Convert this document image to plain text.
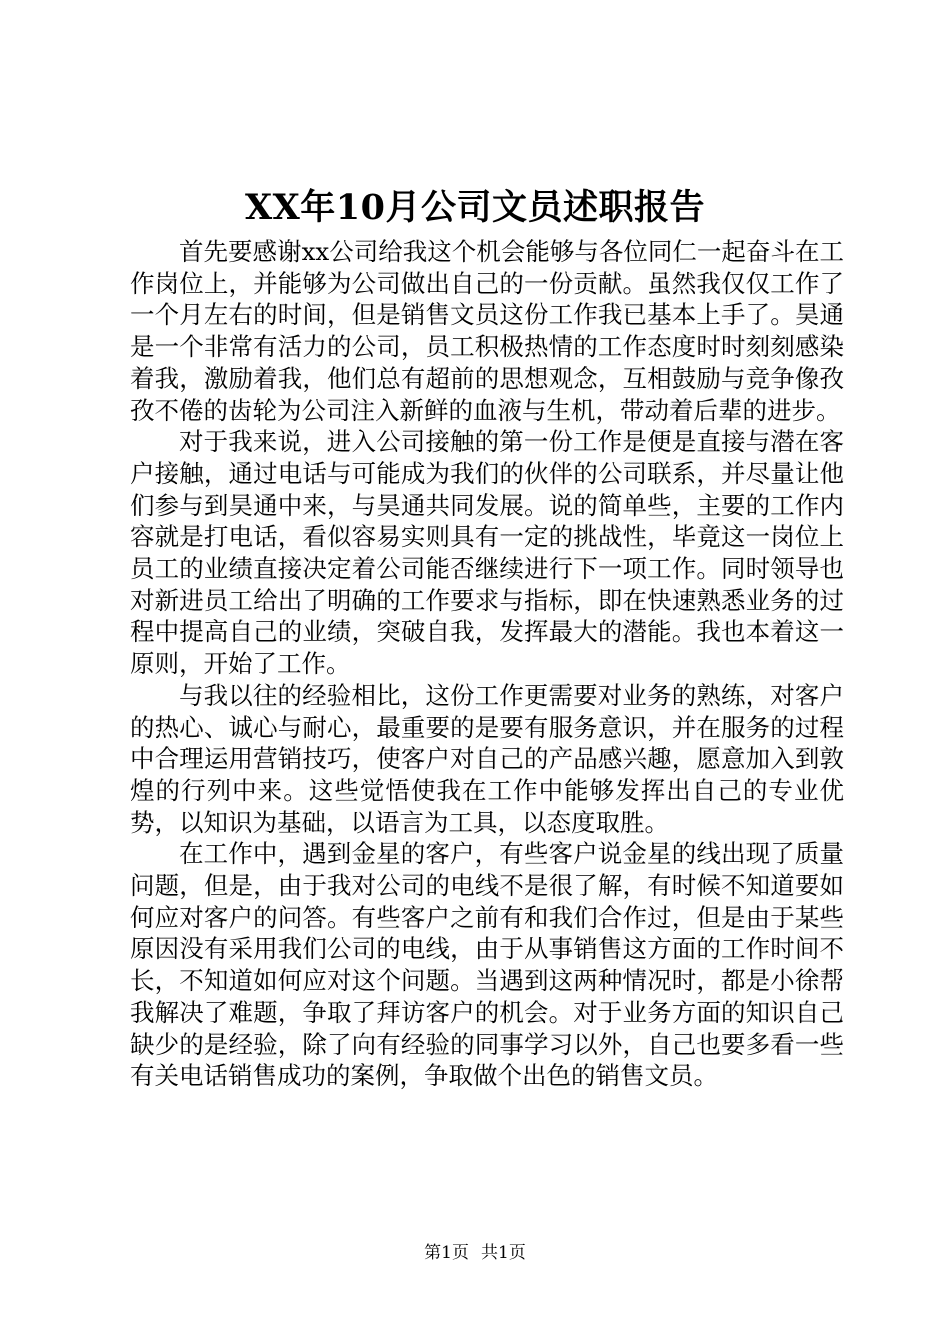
XX年10月公司文员述职报告

首先要感谢xx公司给我这个机会能够与各位同仁一起奋斗在工作岗位上，并能够为公司做出自己的一份贡献。虽然我仅仅工作了一个月左右的时间，但是销售文员这份工作我已基本上手了。昊通是一个非常有活力的公司，员工积极热情的工作态度时时刻刻感染着我，激励着我，他们总有超前的思想观念，互相鼓励与竞争像孜孜不倦的齿轮为公司注入新鲜的血液与生机，带动着后辈的进步。

对于我来说，进入公司接触的第一份工作是便是直接与潜在客户接触，通过电话与可能成为我们的伙伴的公司联系，并尽量让他们参与到昊通中来，与昊通共同发展。说的简单些，主要的工作内容就是打电话，看似容易实则具有一定的挑战性，毕竟这一岗位上员工的业绩直接决定着公司能否继续进行下一项工作。同时领导也对新进员工给出了明确的工作要求与指标，即在快速熟悉业务的过程中提高自己的业绩，突破自我，发挥最大的潜能。我也本着这一原则，开始了工作。

与我以往的经验相比，这份工作更需要对业务的熟练，对客户的热心、诚心与耐心，最重要的是要有服务意识，并在服务的过程中合理运用营销技巧，使客户对自己的产品感兴趣，愿意加入到敦煌的行列中来。这些觉悟使我在工作中能够发挥出自己的专业优势，以知识为基础，以语言为工具，以态度取胜。

在工作中，遇到金星的客户，有些客户说金星的线出现了质量问题，但是，由于我对公司的电线不是很了解，有时候不知道要如何应对客户的问答。有些客户之前有和我们合作过，但是由于某些原因没有采用我们公司的电线，由于从事销售这方面的工作时间不长，不知道如何应对这个问题。当遇到这两种情况时，都是小徐帮我解决了难题，争取了拜访客户的机会。对于业务方面的知识自己缺少的是经验，除了向有经验的同事学习以外，自己也要多看一些有关电话销售成功的案例，争取做个出色的销售文员。

第1页 共1页
